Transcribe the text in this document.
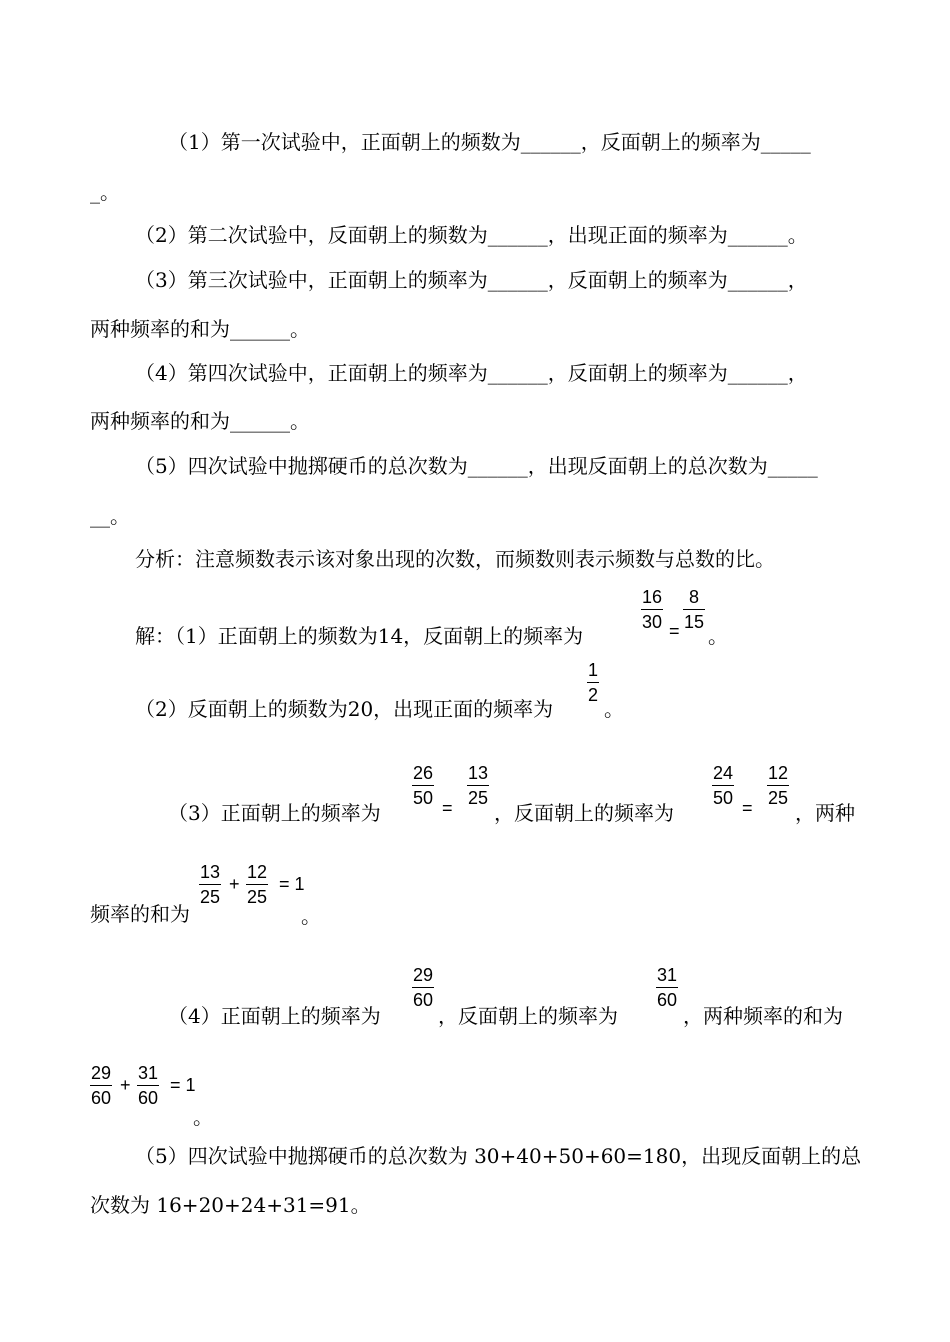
（1）第一次试验中，正面朝上的频数为______，反面朝上的频率为_____
_。
（2）第二次试验中，反面朝上的频数为______，出现正面的频率为______。
（3）第三次试验中，正面朝上的频率为______，反面朝上的频率为______，
两种频率的和为______。
（4）第四次试验中，正面朝上的频率为______，反面朝上的频率为______，
两种频率的和为______。
（5）四次试验中抛掷硬币的总次数为______，出现反面朝上的总次数为_____
__。
分析：注意频数表示该对象出现的次数，而频数则表示频数与总数的比。
解：（1）正面朝上的频数为14，反面朝上的频率为
16
30 =
8
15
。
（2）反面朝上的频数为20，出现正面的频率为
1
2
。
（3）正面朝上的频率为
26
50 =
13
25
，反面朝上的频率为
24
50 =
12
25
，两种
13
25
+
12
25
= 1
频率的和为	。
（4）正面朝上的频率为
29
60
，反面朝上的频率为
31
60
，两种频率的和为
29
60
+
31
60
= 1
。
（5）四次试验中抛掷硬币的总次数为 30+40+50+60=180，出现反面朝上的总
次数为 16+20+24+31=91。
